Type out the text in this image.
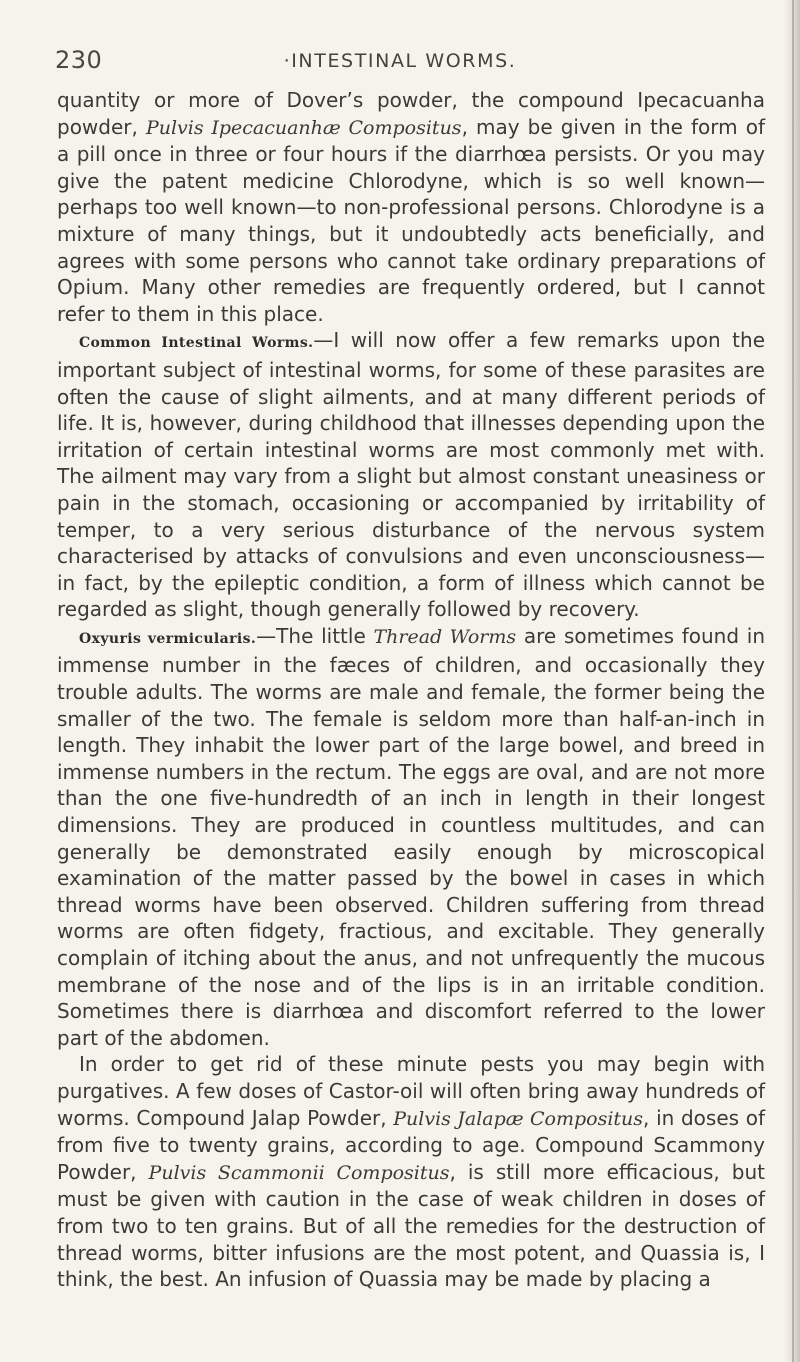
230	·INTESTINAL WORMS.

quantity or more of Dover’s powder, the compound Ipecacuanha powder, Pulvis Ipecacuanhæ Compositus, may be given in the form of a pill once in three or four hours if the diarrhœa persists. Or you may give the patent medicine Chlorodyne, which is so well known—perhaps too well known—to non-professional persons. Chlorodyne is a mixture of many things, but it undoubtedly acts beneficially, and agrees with some persons who cannot take ordinary preparations of Opium. Many other remedies are frequently ordered, but I cannot refer to them in this place.

Common Intestinal Worms.—I will now offer a few remarks upon the important subject of intestinal worms, for some of these parasites are often the cause of slight ailments, and at many different periods of life. It is, however, during childhood that illnesses depending upon the irritation of certain intestinal worms are most commonly met with. The ailment may vary from a slight but almost constant uneasiness or pain in the stomach, occasioning or accompanied by irritability of temper, to a very serious disturbance of the nervous system characterised by attacks of convulsions and even unconsciousness—in fact, by the epileptic condition, a form of illness which cannot be regarded as slight, though generally followed by recovery.

Oxyuris vermicularis.—The little Thread Worms are sometimes found in immense number in the fæces of children, and occasionally they trouble adults. The worms are male and female, the former being the smaller of the two. The female is seldom more than half-an-inch in length. They inhabit the lower part of the large bowel, and breed in immense numbers in the rectum. The eggs are oval, and are not more than the one five-hundredth of an inch in length in their longest dimensions. They are produced in countless multitudes, and can generally be demonstrated easily enough by microscopical examination of the matter passed by the bowel in cases in which thread worms have been observed. Children suffering from thread worms are often fidgety, fractious, and excitable. They generally complain of itching about the anus, and not unfrequently the mucous membrane of the nose and of the lips is in an irritable condition. Sometimes there is diarrhœa and discomfort referred to the lower part of the abdomen.

In order to get rid of these minute pests you may begin with purgatives. A few doses of Castor-oil will often bring away hundreds of worms. Compound Jalap Powder, Pulvis Jalapæ Compositus, in doses of from five to twenty grains, according to age. Compound Scammony Powder, Pulvis Scammonii Compositus, is still more efficacious, but must be given with caution in the case of weak children in doses of from two to ten grains. But of all the remedies for the destruction of thread worms, bitter infusions are the most potent, and Quassia is, I think, the best. An infusion of Quassia may be made by placing a
